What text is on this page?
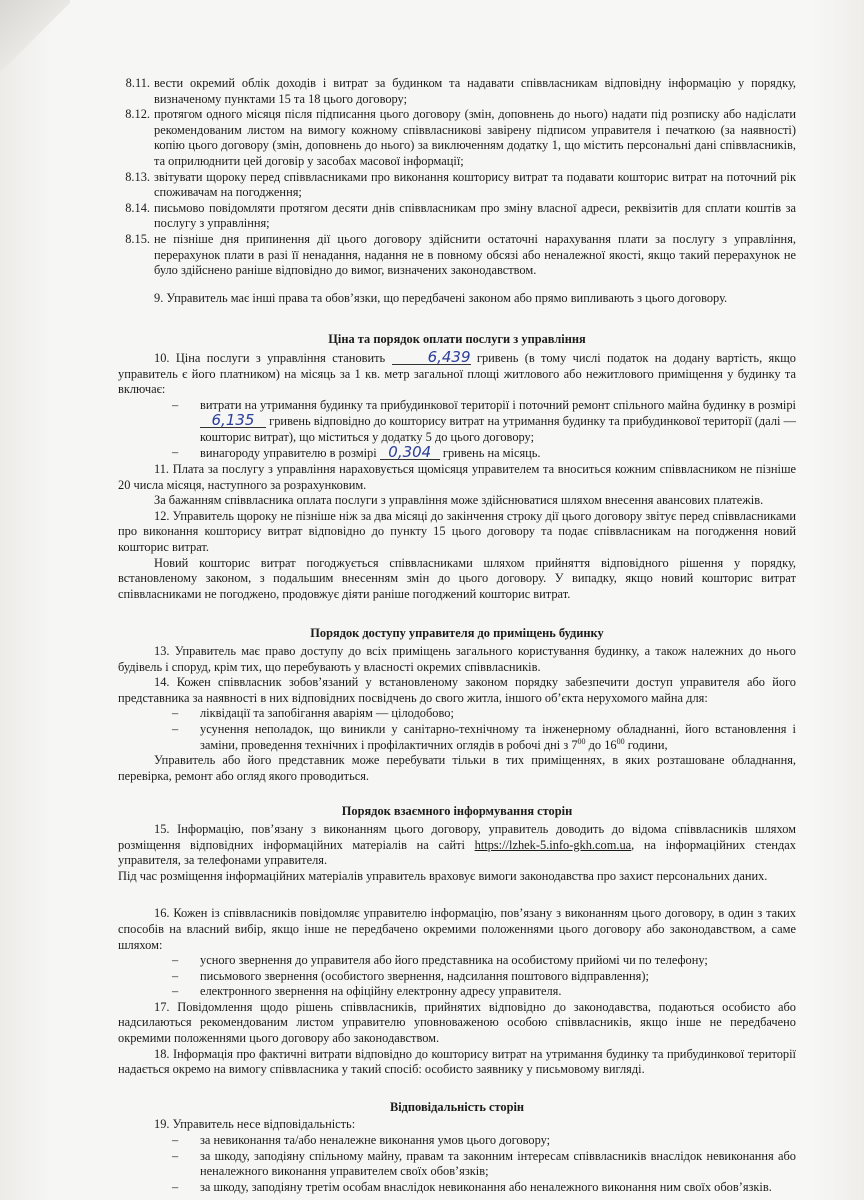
8.11. вести окремий облік доходів і витрат за будинком та надавати співвласникам відповідну інформацію у порядку, визначеному пунктами 15 та 18 цього договору;
8.12. протягом одного місяця після підписання цього договору (змін, доповнень до нього) надати під розписку або надіслати рекомендованим листом на вимогу кожному співвласникові завірену підписом управителя і печаткою (за наявності) копію цього договору (змін, доповнень до нього) за виключенням додатку 1, що містить персональні дані співвласників, та оприлюднити цей договір у засобах масової інформації;
8.13. звітувати щороку перед співвласниками про виконання кошторису витрат та подавати кошторис витрат на поточний рік споживачам на погодження;
8.14. письмово повідомляти протягом десяти днів співвласникам про зміну власної адреси, реквізитів для сплати коштів за послугу з управління;
8.15. не пізніше дня припинення дії цього договору здійснити остаточні нарахування плати за послугу з управління, перерахунок плати в разі її ненадання, надання не в повному обсязі або неналежної якості, якщо такий перерахунок не було здійснено раніше відповідно до вимог, визначених законодавством.

9. Управитель має інші права та обов’язки, що передбачені законом або прямо випливають з цього договору.

Ціна та порядок оплати послуги з управління

10. Ціна послуги з управління становить	6,439 гривень (в тому числі податок на додану вартість, якщо управитель є його платником) на місяць за 1 кв. метр загальної площі житлового або нежитлового приміщення у будинку та включає:

–	витрати на утримання будинку та прибудинкової території і поточний ремонт спільного майна будинку в розмірі 6,135 гривень відповідно до кошторису витрат на утримання будинку та прибудинкової території (далі — кошторис витрат), що міститься у додатку 5 до цього договору;
–	винагороду управителю в розмірі 0,304 гривень на місяць.

11. Плата за послугу з управління нараховується щомісяця управителем та вноситься кожним співвласником не пізніше 20 числа місяця, наступного за розрахунковим.

За бажанням співвласника оплата послуги з управління може здійснюватися шляхом внесення авансових платежів.

12. Управитель щороку не пізніше ніж за два місяці до закінчення строку дії цього договору звітує перед співвласниками про виконання кошторису витрат відповідно до пункту 15 цього договору та подає співвласникам на погодження новий кошторис витрат.

Новий кошторис витрат погоджується співвласниками шляхом прийняття відповідного рішення у порядку, встановленому законом, з подальшим внесенням змін до цього договору. У випадку, якщо новий кошторис витрат співвласниками не погоджено, продовжує діяти раніше погоджений кошторис витрат.

Порядок доступу управителя до приміщень будинку

13. Управитель має право доступу до всіх приміщень загального користування будинку, а також належних до нього будівель і споруд, крім тих, що перебувають у власності окремих співвласників.

14. Кожен співвласник зобов’язаний у встановленому законом порядку забезпечити доступ управителя або його представника за наявності в них відповідних посвідчень до свого житла, іншого об’єкта нерухомого майна для:

–	ліквідації та запобігання аваріям — цілодобово;
–	усунення неполадок, що виникли у санітарно-технічному та інженерному обладнанні, його встановлення і заміни, проведення технічних і профілактичних оглядів в робочі дні з $7^{00}$ до $16^{00}$ години,

Управитель або його представник може перебувати тільки в тих приміщеннях, в яких розташоване обладнання, перевірка, ремонт або огляд якого проводиться.

Порядок взаємного інформування сторін

15. Інформацію, пов’язану з виконанням цього договору, управитель доводить до відома співвласників шляхом розміщення відповідних інформаційних матеріалів на сайті https://lzhek-5.info-gkh.com.ua, на інформаційних стендах управителя, за телефонами управителя.

Під час розміщення інформаційних матеріалів управитель враховує вимоги законодавства про захист персональних даних.

16. Кожен із співвласників повідомляє управителю інформацію, пов’язану з виконанням цього договору, в один з таких способів на власний вибір, якщо інше не передбачено окремими положеннями цього договору або законодавством, а саме шляхом:

–	усного звернення до управителя або його представника на особистому прийомі чи по телефону;
–	письмового звернення (особистого звернення, надсилання поштового відправлення);
–	електронного звернення на офіційну електронну адресу управителя.

17. Повідомлення щодо рішень співвласників, прийнятих відповідно до законодавства, подаються особисто або надсилаються рекомендованим листом управителю уповноваженою особою співвласників, якщо інше не передбачено окремими положеннями цього договору або законодавством.

18. Інформація про фактичні витрати відповідно до кошторису витрат на утримання будинку та прибудинкової території надається окремо на вимогу співвласника у такий спосіб: особисто заявнику у письмовому вигляді.

Відповідальність сторін

19. Управитель несе відповідальність:

–	за невиконання та/або неналежне виконання умов цього договору;
–	за шкоду, заподіяну спільному майну, правам та законним інтересам співвласників внаслідок невиконання або неналежного виконання управителем своїх обов’язків;
–	за шкоду, заподіяну третім особам внаслідок невиконання або неналежного виконання ним своїх обов’язків.
